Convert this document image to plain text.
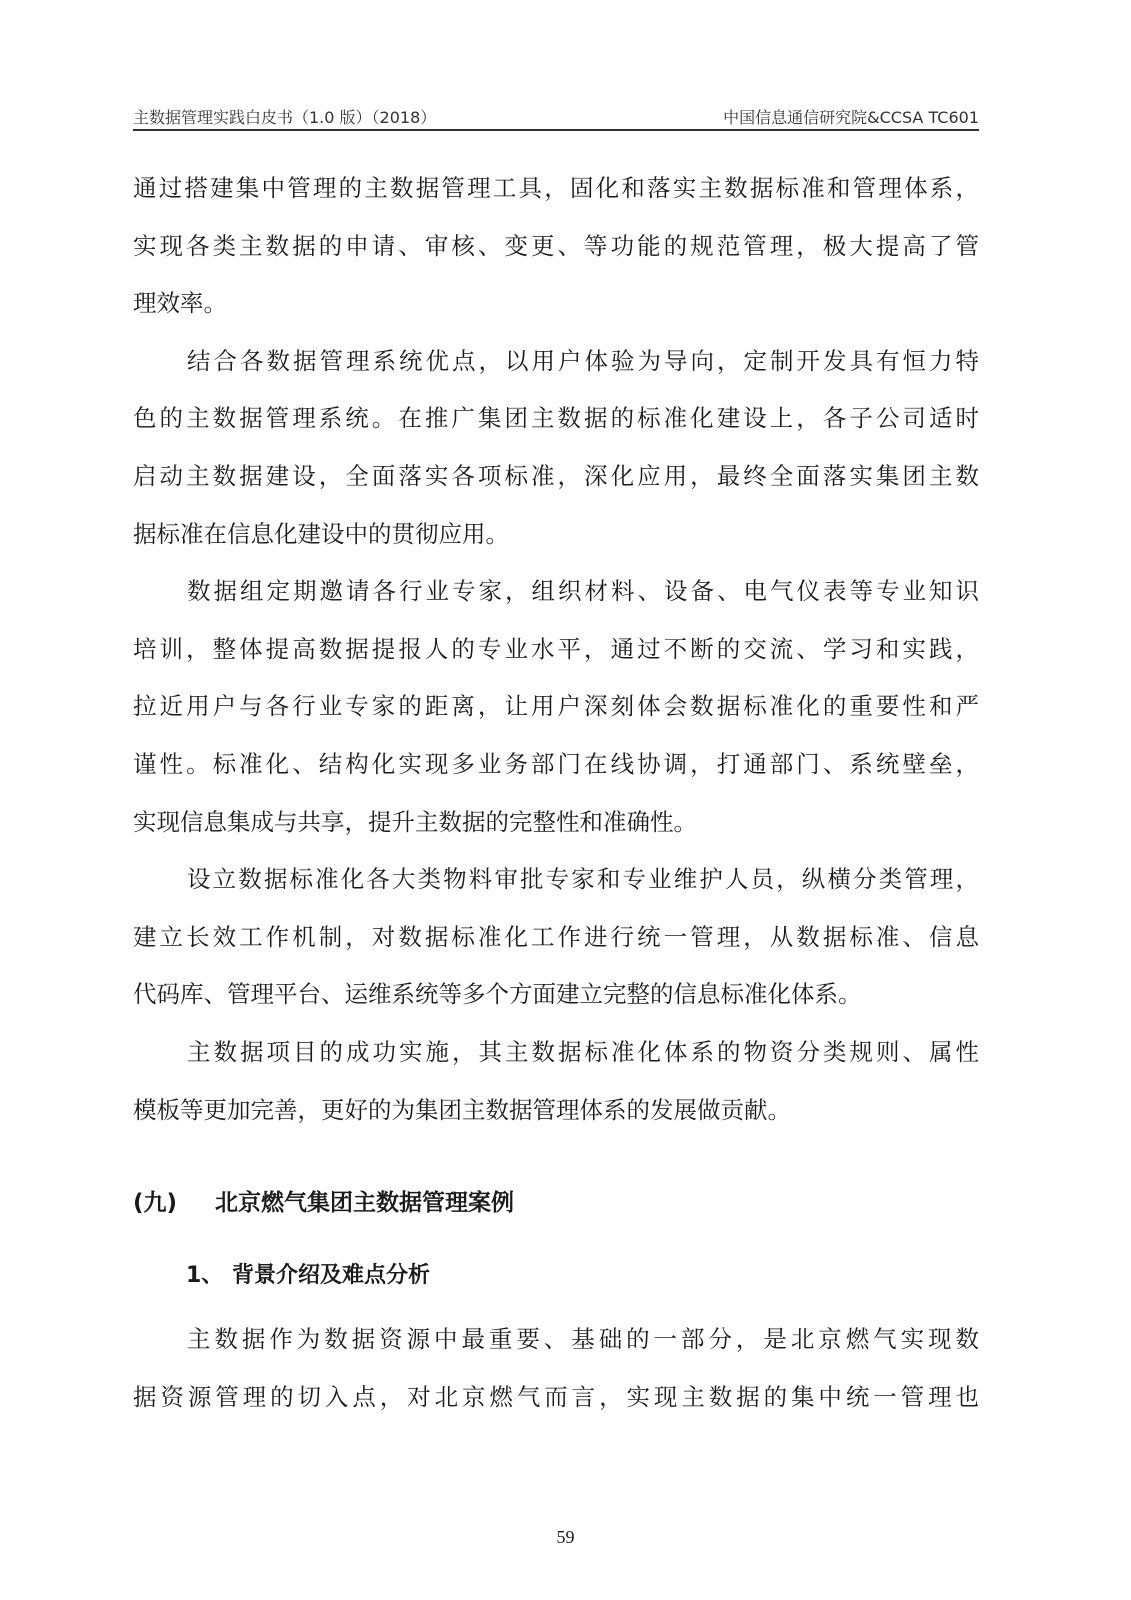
主数据管理实践白皮书（1.0 版）（2018）	中国信息通信研究院&CCSA TC601
通过搭建集中管理的主数据管理工具，固化和落实主数据标准和管理体系，
实现各类主数据的申请、审核、变更、等功能的规范管理，极大提高了管
理效率。
结合各数据管理系统优点，以用户体验为导向，定制开发具有恒力特
色的主数据管理系统。在推广集团主数据的标准化建设上，各子公司适时
启动主数据建设，全面落实各项标准，深化应用，最终全面落实集团主数
据标准在信息化建设中的贯彻应用。
数据组定期邀请各行业专家，组织材料、设备、电气仪表等专业知识
培训，整体提高数据提报人的专业水平，通过不断的交流、学习和实践，
拉近用户与各行业专家的距离，让用户深刻体会数据标准化的重要性和严
谨性。标准化、结构化实现多业务部门在线协调，打通部门、系统壁垒，
实现信息集成与共享，提升主数据的完整性和准确性。
设立数据标准化各大类物料审批专家和专业维护人员，纵横分类管理，
建立长效工作机制，对数据标准化工作进行统一管理，从数据标准、信息
代码库、管理平台、运维系统等多个方面建立完整的信息标准化体系。
主数据项目的成功实施，其主数据标准化体系的物资分类规则、属性
模板等更加完善，更好的为集团主数据管理体系的发展做贡献。
(九) 北京燃气集团主数据管理案例
1、 背景介绍及难点分析
主数据作为数据资源中最重要、基础的一部分，是北京燃气实现数
据资源管理的切入点，对北京燃气而言，实现主数据的集中统一管理也
59
